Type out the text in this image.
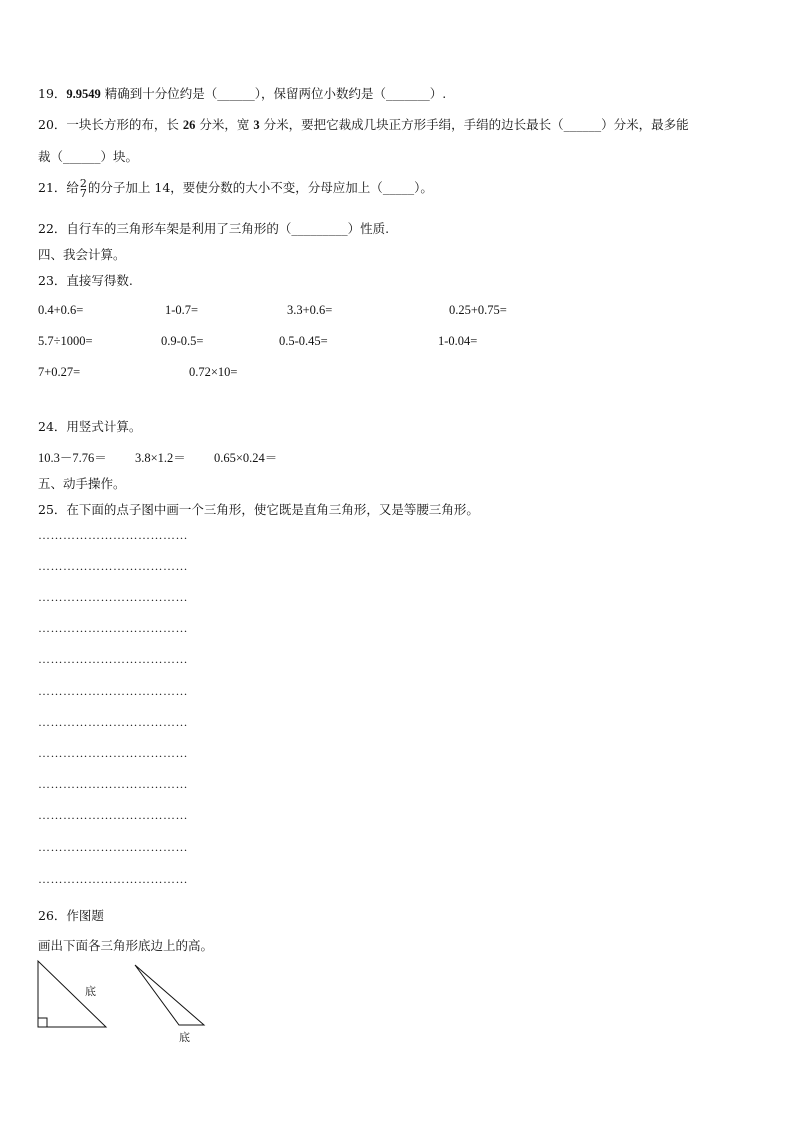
19．9.9549 精确到十分位约是（______），保留两位小数约是（_______）.
20．一块长方形的布，长 26 分米，宽 3 分米，要把它裁成几块正方形手绢，手绢的边长最长（______）分米，最多能
裁（______）块。
21．给 2
7 的分子加上 14，要使分数的大小不变，分母应加上（_____）。
22．自行车的三角形车架是利用了三角形的（_________）性质.
四、我会计算。
23．直接写得数.
0.4+0.6=	1-0.7=	3.3+0.6=	0.25+0.75=
5.7÷1000=	0.9-0.5=	0.5-0.45=	1-0.04=
7+0.27=	0.72×10=
24．用竖式计算。
10.3－7.76＝ 3.8×1.2＝ 0.65×0.24＝
五、动手操作。
25．在下面的点子图中画一个三角形，使它既是直角三角形，又是等腰三角形。
………………………………
………………………………
………………………………
………………………………
………………………………
………………………………
………………………………
………………………………
………………………………
………………………………
………………………………
………………………………
26．作图题
画出下面各三角形底边上的高。
底
底
